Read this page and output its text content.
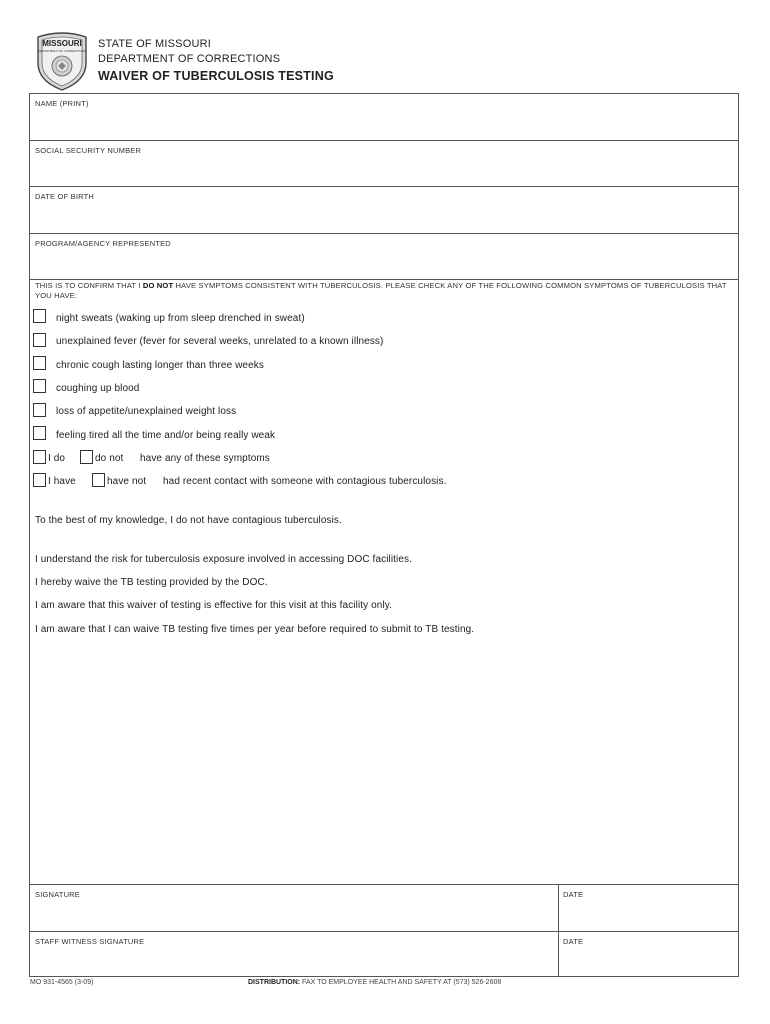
MISSOURI
DEPARTMENT OF CORRECTIONS
STATE OF MISSOURI
DEPARTMENT OF CORRECTIONS
WAIVER OF TUBERCULOSIS TESTING
NAME (PRINT)
SOCIAL SECURITY NUMBER
DATE OF BIRTH
PROGRAM/AGENCY REPRESENTED
THIS IS TO CONFIRM THAT I DO NOT HAVE SYMPTOMS CONSISTENT WITH TUBERCULOSIS. PLEASE CHECK ANY OF THE FOLLOWING COMMON SYMPTOMS OF TUBERCULOSIS THAT YOU HAVE:
night sweats (waking up from sleep drenched in sweat)
unexplained fever (fever for several weeks, unrelated to a known illness)
chronic cough lasting longer than three weeks
coughing up blood
loss of appetite/unexplained weight loss
feeling tired all the time and/or being really weak
I do	do not have any of these symptoms
I have	have not had recent contact with someone with contagious tuberculosis.
To the best of my knowledge, I do not have contagious tuberculosis.
I understand the risk for tuberculosis exposure involved in accessing DOC facilities.
I hereby waive the TB testing provided by the DOC.
I am aware that this waiver of testing is effective for this visit at this facility only.
I am aware that I can waive TB testing five times per year before required to submit to TB testing.
SIGNATURE	DATE
STAFF WITNESS SIGNATURE	DATE
MO 931-4565 (3-09)	DISTRIBUTION: FAX TO EMPLOYEE HEALTH AND SAFETY AT (573) 526-2608
